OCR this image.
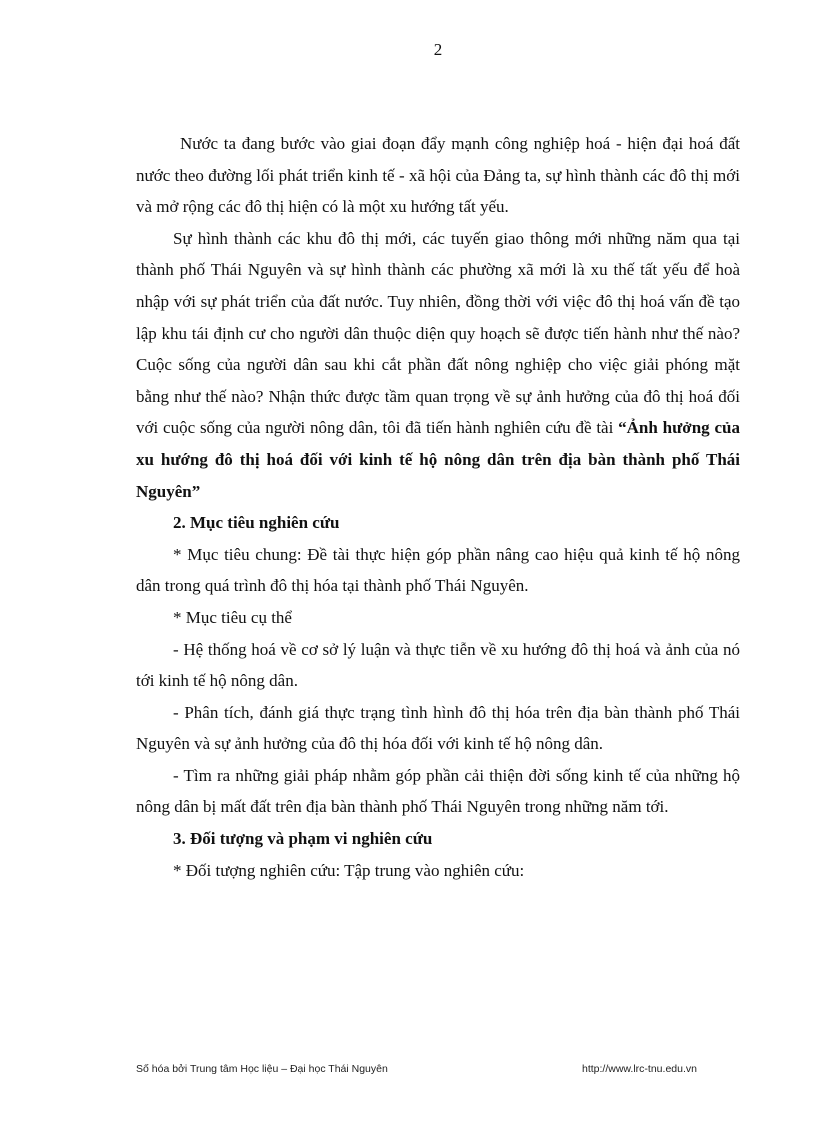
2

Nước ta đang bước vào giai đoạn đẩy mạnh công nghiệp hoá - hiện đại hoá đất nước theo đường lối phát triển kinh tế - xã hội của Đảng ta, sự hình thành các đô thị mới và mở rộng các đô thị hiện có là một xu hướng tất yếu.

Sự hình thành các khu đô thị mới, các tuyến giao thông mới những năm qua tại thành phố Thái Nguyên và sự hình thành các phường xã mới là xu thế tất yếu để hoà nhập với sự phát triển của đất nước. Tuy nhiên, đồng thời với việc đô thị hoá vấn đề tạo lập khu tái định cư cho người dân thuộc diện quy hoạch sẽ được tiến hành như thế nào? Cuộc sống của người dân sau khi cắt phần đất nông nghiệp cho việc giải phóng mặt bằng như thế nào? Nhận thức được tầm quan trọng về sự ảnh hưởng của đô thị hoá đối với cuộc sống của người nông dân, tôi đã tiến hành nghiên cứu đề tài “Ảnh hưởng của xu hướng đô thị hoá đối với kinh tế hộ nông dân trên địa bàn thành phố Thái Nguyên”

2. Mục tiêu nghiên cứu

* Mục tiêu chung: Đề tài thực hiện góp phần nâng cao hiệu quả kinh tế hộ nông dân trong quá trình đô thị hóa tại thành phố Thái Nguyên.

* Mục tiêu cụ thể

- Hệ thống hoá về cơ sở lý luận và thực tiễn về xu hướng đô thị hoá và ảnh của nó tới kinh tế hộ nông dân.

- Phân tích, đánh giá thực trạng tình hình đô thị hóa trên địa bàn thành phố Thái Nguyên và sự ảnh hưởng của đô thị hóa đối với kinh tế hộ nông dân.

- Tìm ra những giải pháp nhằm góp phần cải thiện đời sống kinh tế của những hộ nông dân bị mất đất trên địa bàn thành phố Thái Nguyên trong những năm tới.

3. Đối tượng và phạm vi nghiên cứu

* Đối tượng nghiên cứu: Tập trung vào nghiên cứu:

Số hóa bởi Trung tâm Học liệu – Đại học Thái Nguyên	http://www.lrc-tnu.edu.vn
